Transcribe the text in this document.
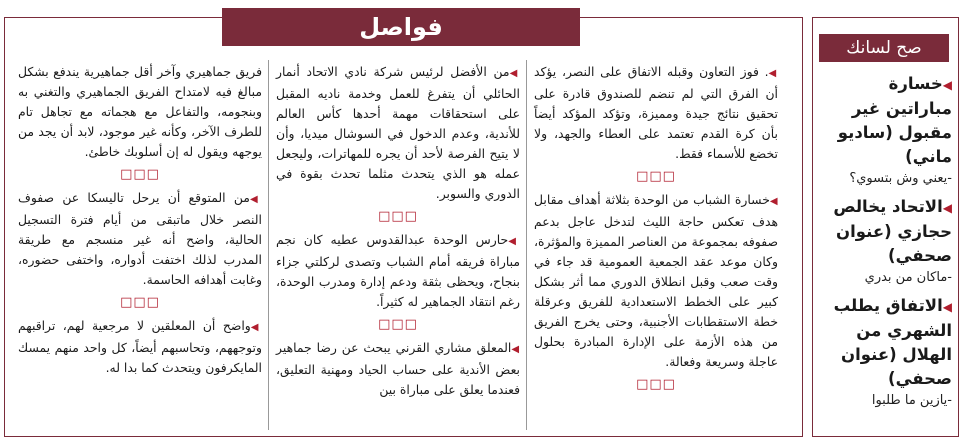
فواصل
صح لسانك

◀. فوز التعاون وقبله الاتفاق على النصر، يؤكد أن الفرق التي لم تنضم للصندوق قادرة على تحقيق نتائج جيدة ومميزة، وتؤكد المؤكد أيضاً بأن كرة القدم تعتمد على العطاء والجهد، ولا تخضع للأسماء فقط.

□□□

◀خسارة الشباب من الوحدة بثلاثة أهداف مقابل هدف تعكس حاجة الليث لتدخل عاجل بدعم صفوفه بمجموعة من العناصر المميزة والمؤثرة، وكان موعد عقد الجمعية العمومية قد جاء في وقت صعب وقبل انطلاق الدوري مما أثر بشكل كبير على الخطط الاستعدادية للفريق وعرقلة خطة الاستقطابات الأجنبية، وحتى يخرج الفريق من هذه الأزمة على الإدارة المبادرة بحلول عاجلة وسريعة وفعالة.

□□□

◀من الأفضل لرئيس شركة نادي الاتحاد أنمار الحائلي أن يتفرغ للعمل وخدمة ناديه المقبل على استحقاقات مهمة أحدها كأس العالم للأندية، وعدم الدخول في السوشال ميديا، وأن لا يتيح الفرصة لأحد أن يجره للمهاترات، وليجعل عمله هو الذي يتحدث مثلما تحدث بقوة في الدوري والسوبر.

□□□

◀حارس الوحدة عبدالقدوس عطيه كان نجم مباراة فريقه أمام الشباب وتصدى لركلتي جزاء بنجاح، ويحظى بثقة ودعم إدارة ومدرب الوحدة، رغم انتقاد الجماهير له كثيراً.

□□□

◀المعلق مشاري القرني يبحث عن رضا جماهير بعض الأندية على حساب الحياد ومهنية التعليق، فعندما يعلق على مباراة بين

فريق جماهيري وآخر أقل جماهيرية يندفع بشكل مبالغ فيه لامتداح الفريق الجماهيري والتغني به وبنجومه، والتفاعل مع هجماته مع تجاهل تام للطرف الآخر، وكأنه غير موجود، لابد أن يجد من يوجهه ويقول له إن أسلوبك خاطئ.

□□□

◀من المتوقع أن يرحل تاليسكا عن صفوف النصر خلال ماتبقى من أيام فترة التسجيل الحالية، واضح أنه غير منسجم مع طريقة المدرب لذلك اختفت أدواره، واختفى حضوره، وغابت أهدافه الحاسمة.

□□□

◀واضح أن المعلقين لا مرجعية لهم، تراقبهم وتوجههم، وتحاسبهم أيضاً، كل واحد منهم يمسك المايكرفون ويتحدث كما بدا له.

◀خسارة مباراتين غير مقبول (ساديو ماني)
-يعني وش بتسوي؟
◀الاتحاد يخالص حجازي (عنوان صحفي)
-ماكان من بدري
◀الاتفاق يطلب الشهري من الهلال (عنوان صحفي)
-يازين ما طلبوا
